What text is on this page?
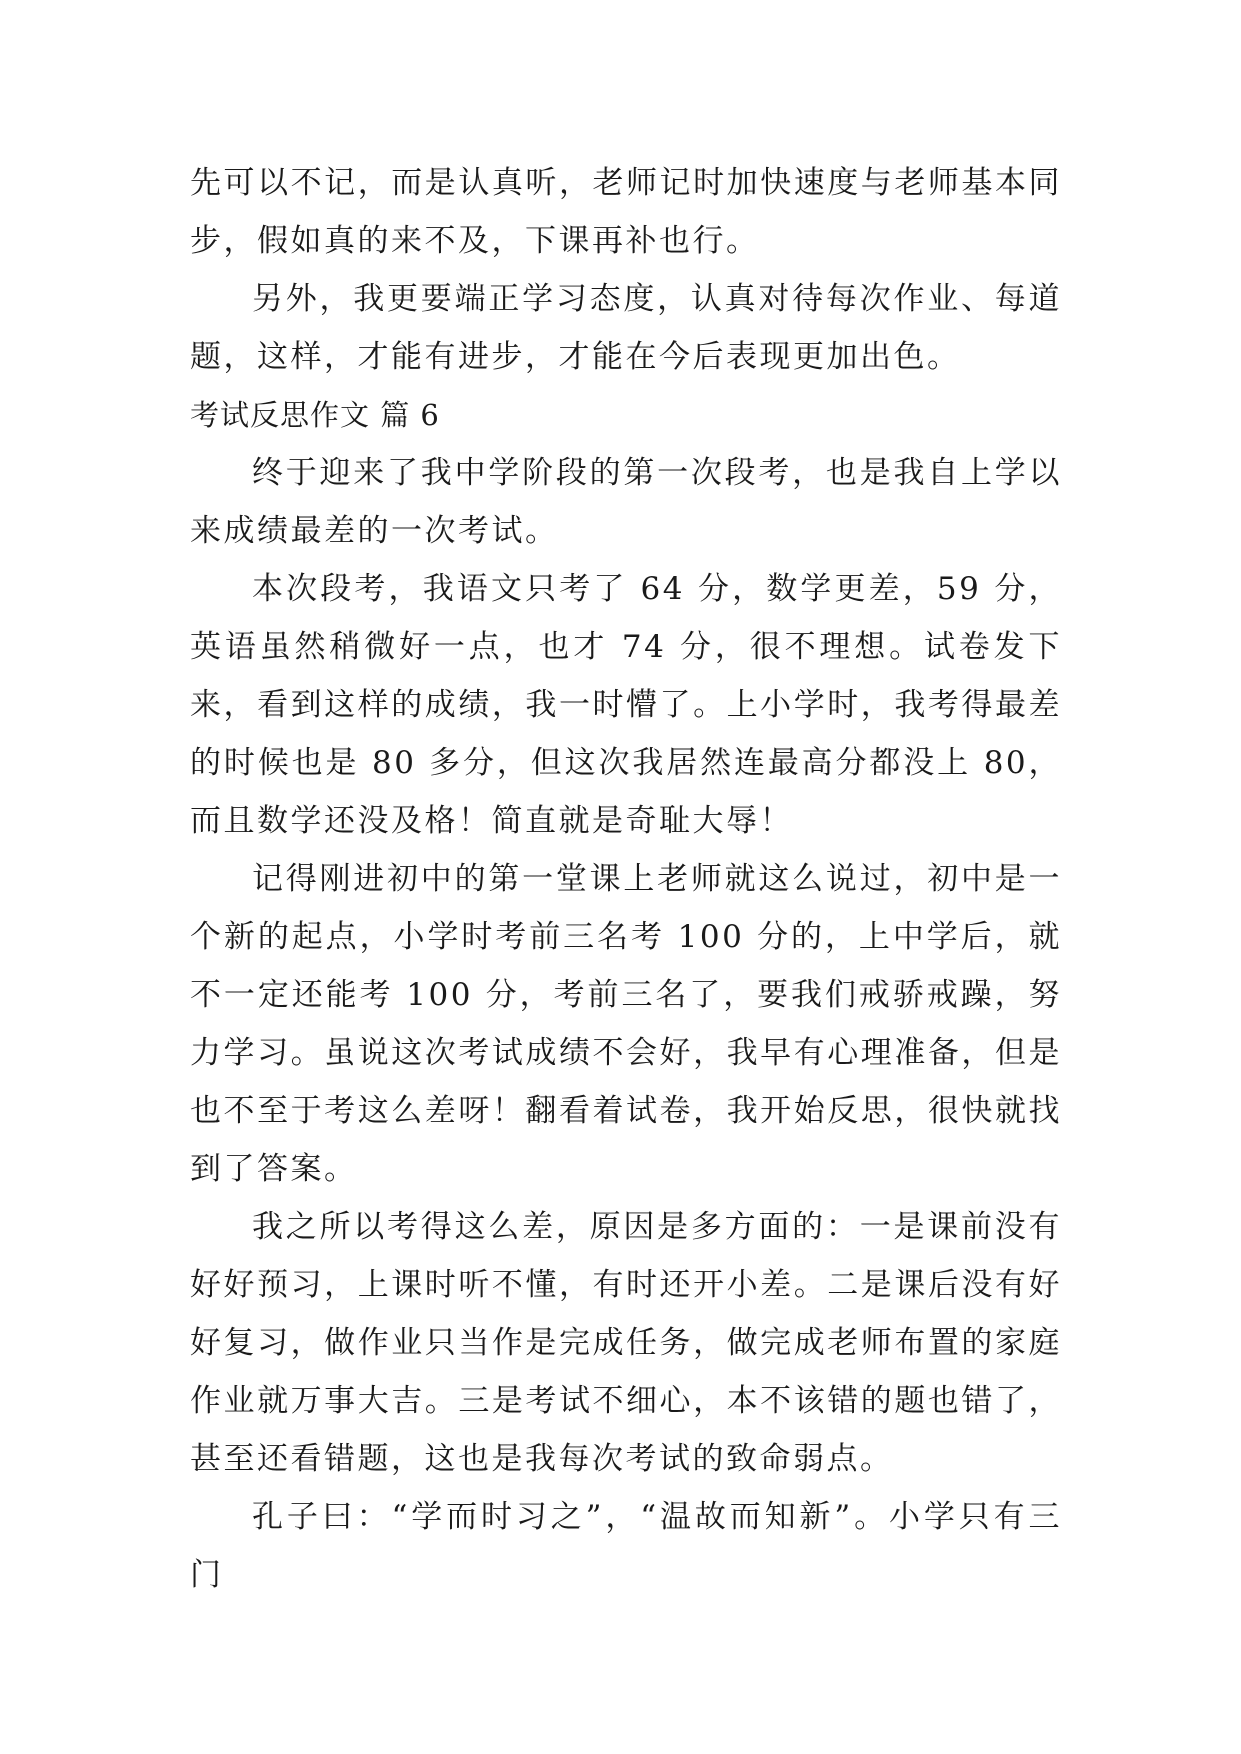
先可以不记，而是认真听，老师记时加快速度与老师基本同步，假如真的来不及，下课再补也行。

另外，我更要端正学习态度，认真对待每次作业、每道题，这样，才能有进步，才能在今后表现更加出色。

考试反思作文 篇 6

终于迎来了我中学阶段的第一次段考，也是我自上学以来成绩最差的一次考试。

本次段考，我语文只考了 64 分，数学更差，59 分，英语虽然稍微好一点，也才 74 分，很不理想。试卷发下来，看到这样的成绩，我一时懵了。上小学时，我考得最差的时候也是 80 多分，但这次我居然连最高分都没上 80，而且数学还没及格！简直就是奇耻大辱！

记得刚进初中的第一堂课上老师就这么说过，初中是一个新的起点，小学时考前三名考 100 分的，上中学后，就不一定还能考 100 分，考前三名了，要我们戒骄戒躁，努力学习。虽说这次考试成绩不会好，我早有心理准备，但是也不至于考这么差呀！翻看着试卷，我开始反思，很快就找到了答案。

我之所以考得这么差，原因是多方面的：一是课前没有好好预习，上课时听不懂，有时还开小差。二是课后没有好好复习，做作业只当作是完成任务，做完成老师布置的家庭作业就万事大吉。三是考试不细心，本不该错的题也错了，甚至还看错题，这也是我每次考试的致命弱点。

孔子曰：“学而时习之”，“温故而知新”。小学只有三门
